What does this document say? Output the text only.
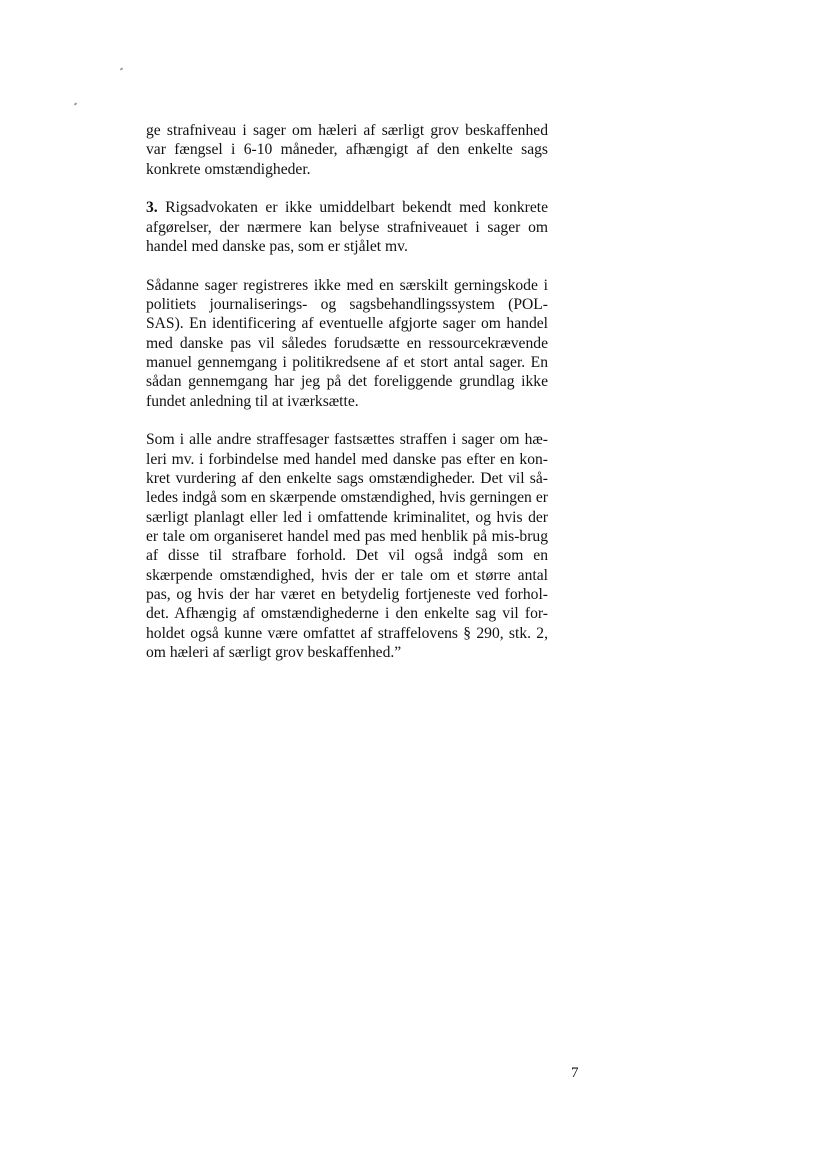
ge strafniveau i sager om hæleri af særligt grov beskaffenhed var fængsel i 6-10 måneder, afhængigt af den enkelte sags konkrete omstændigheder.

3. Rigsadvokaten er ikke umiddelbart bekendt med konkrete afgørelser, der nærmere kan belyse strafniveauet i sager om handel med danske pas, som er stjålet mv.

Sådanne sager registreres ikke med en særskilt gerningskode i politiets journaliserings- og sagsbehandlingssystem (POL-SAS). En identificering af eventuelle afgjorte sager om handel med danske pas vil således forudsætte en ressourcekrævende manuel gennemgang i politikredsene af et stort antal sager. En sådan gennemgang har jeg på det foreliggende grundlag ikke fundet anledning til at iværksætte.

Som i alle andre straffesager fastsættes straffen i sager om hæ-leri mv. i forbindelse med handel med danske pas efter en kon-kret vurdering af den enkelte sags omstændigheder. Det vil så-ledes indgå som en skærpende omstændighed, hvis gerningen er særligt planlagt eller led i omfattende kriminalitet, og hvis der er tale om organiseret handel med pas med henblik på mis-brug af disse til strafbare forhold. Det vil også indgå som en skærpende omstændighed, hvis der er tale om et større antal pas, og hvis der har været en betydelig fortjeneste ved forhol-det. Afhængig af omstændighederne i den enkelte sag vil for-holdet også kunne være omfattet af straffelovens § 290, stk. 2, om hæleri af særligt grov beskaffenhed.”

7
